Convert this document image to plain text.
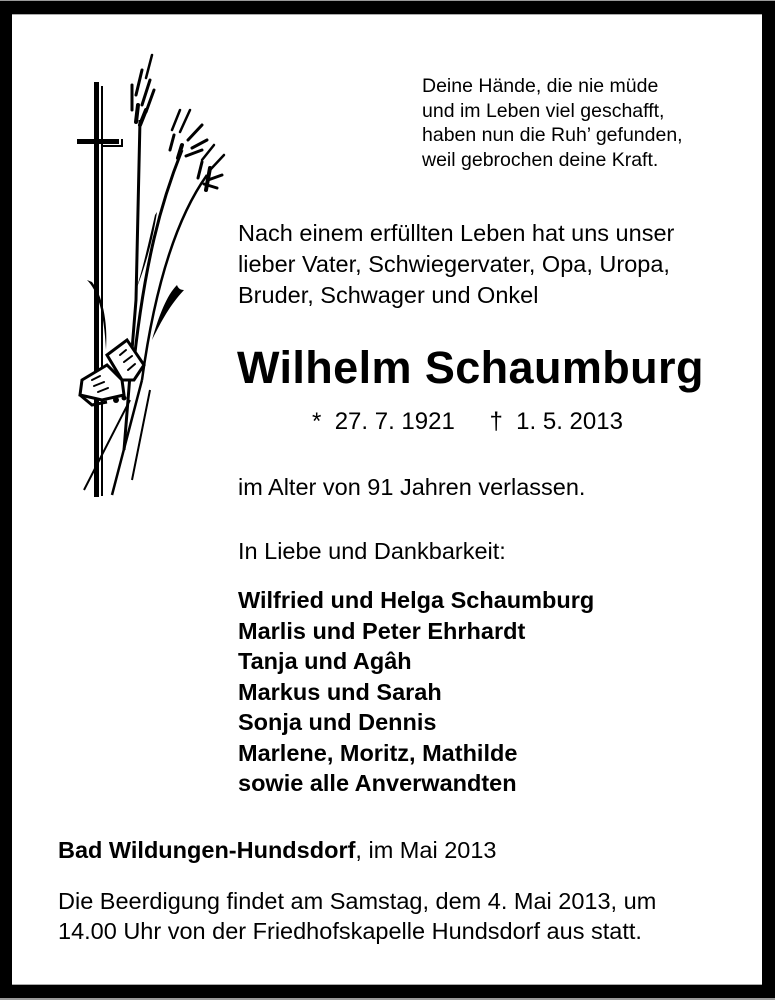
Deine Hände, die nie müde
und im Leben viel geschafft,
haben nun die Ruh’ gefunden,
weil gebrochen deine Kraft.
Nach einem erfüllten Leben hat uns unser
lieber Vater, Schwiegervater, Opa, Uropa,
Bruder, Schwager und Onkel
Wilhelm Schaumburg
* 27. 7. 1921 † 1. 5. 2013
im Alter von 91 Jahren verlassen.
In Liebe und Dankbarkeit:
Wilfried und Helga Schaumburg
Marlis und Peter Ehrhardt
Tanja und Agâh
Markus und Sarah
Sonja und Dennis
Marlene, Moritz, Mathilde
sowie alle Anverwandten
Bad Wildungen-Hundsdorf, im Mai 2013
Die Beerdigung findet am Samstag, dem 4. Mai 2013, um
14.00 Uhr von der Friedhofskapelle Hundsdorf aus statt.
